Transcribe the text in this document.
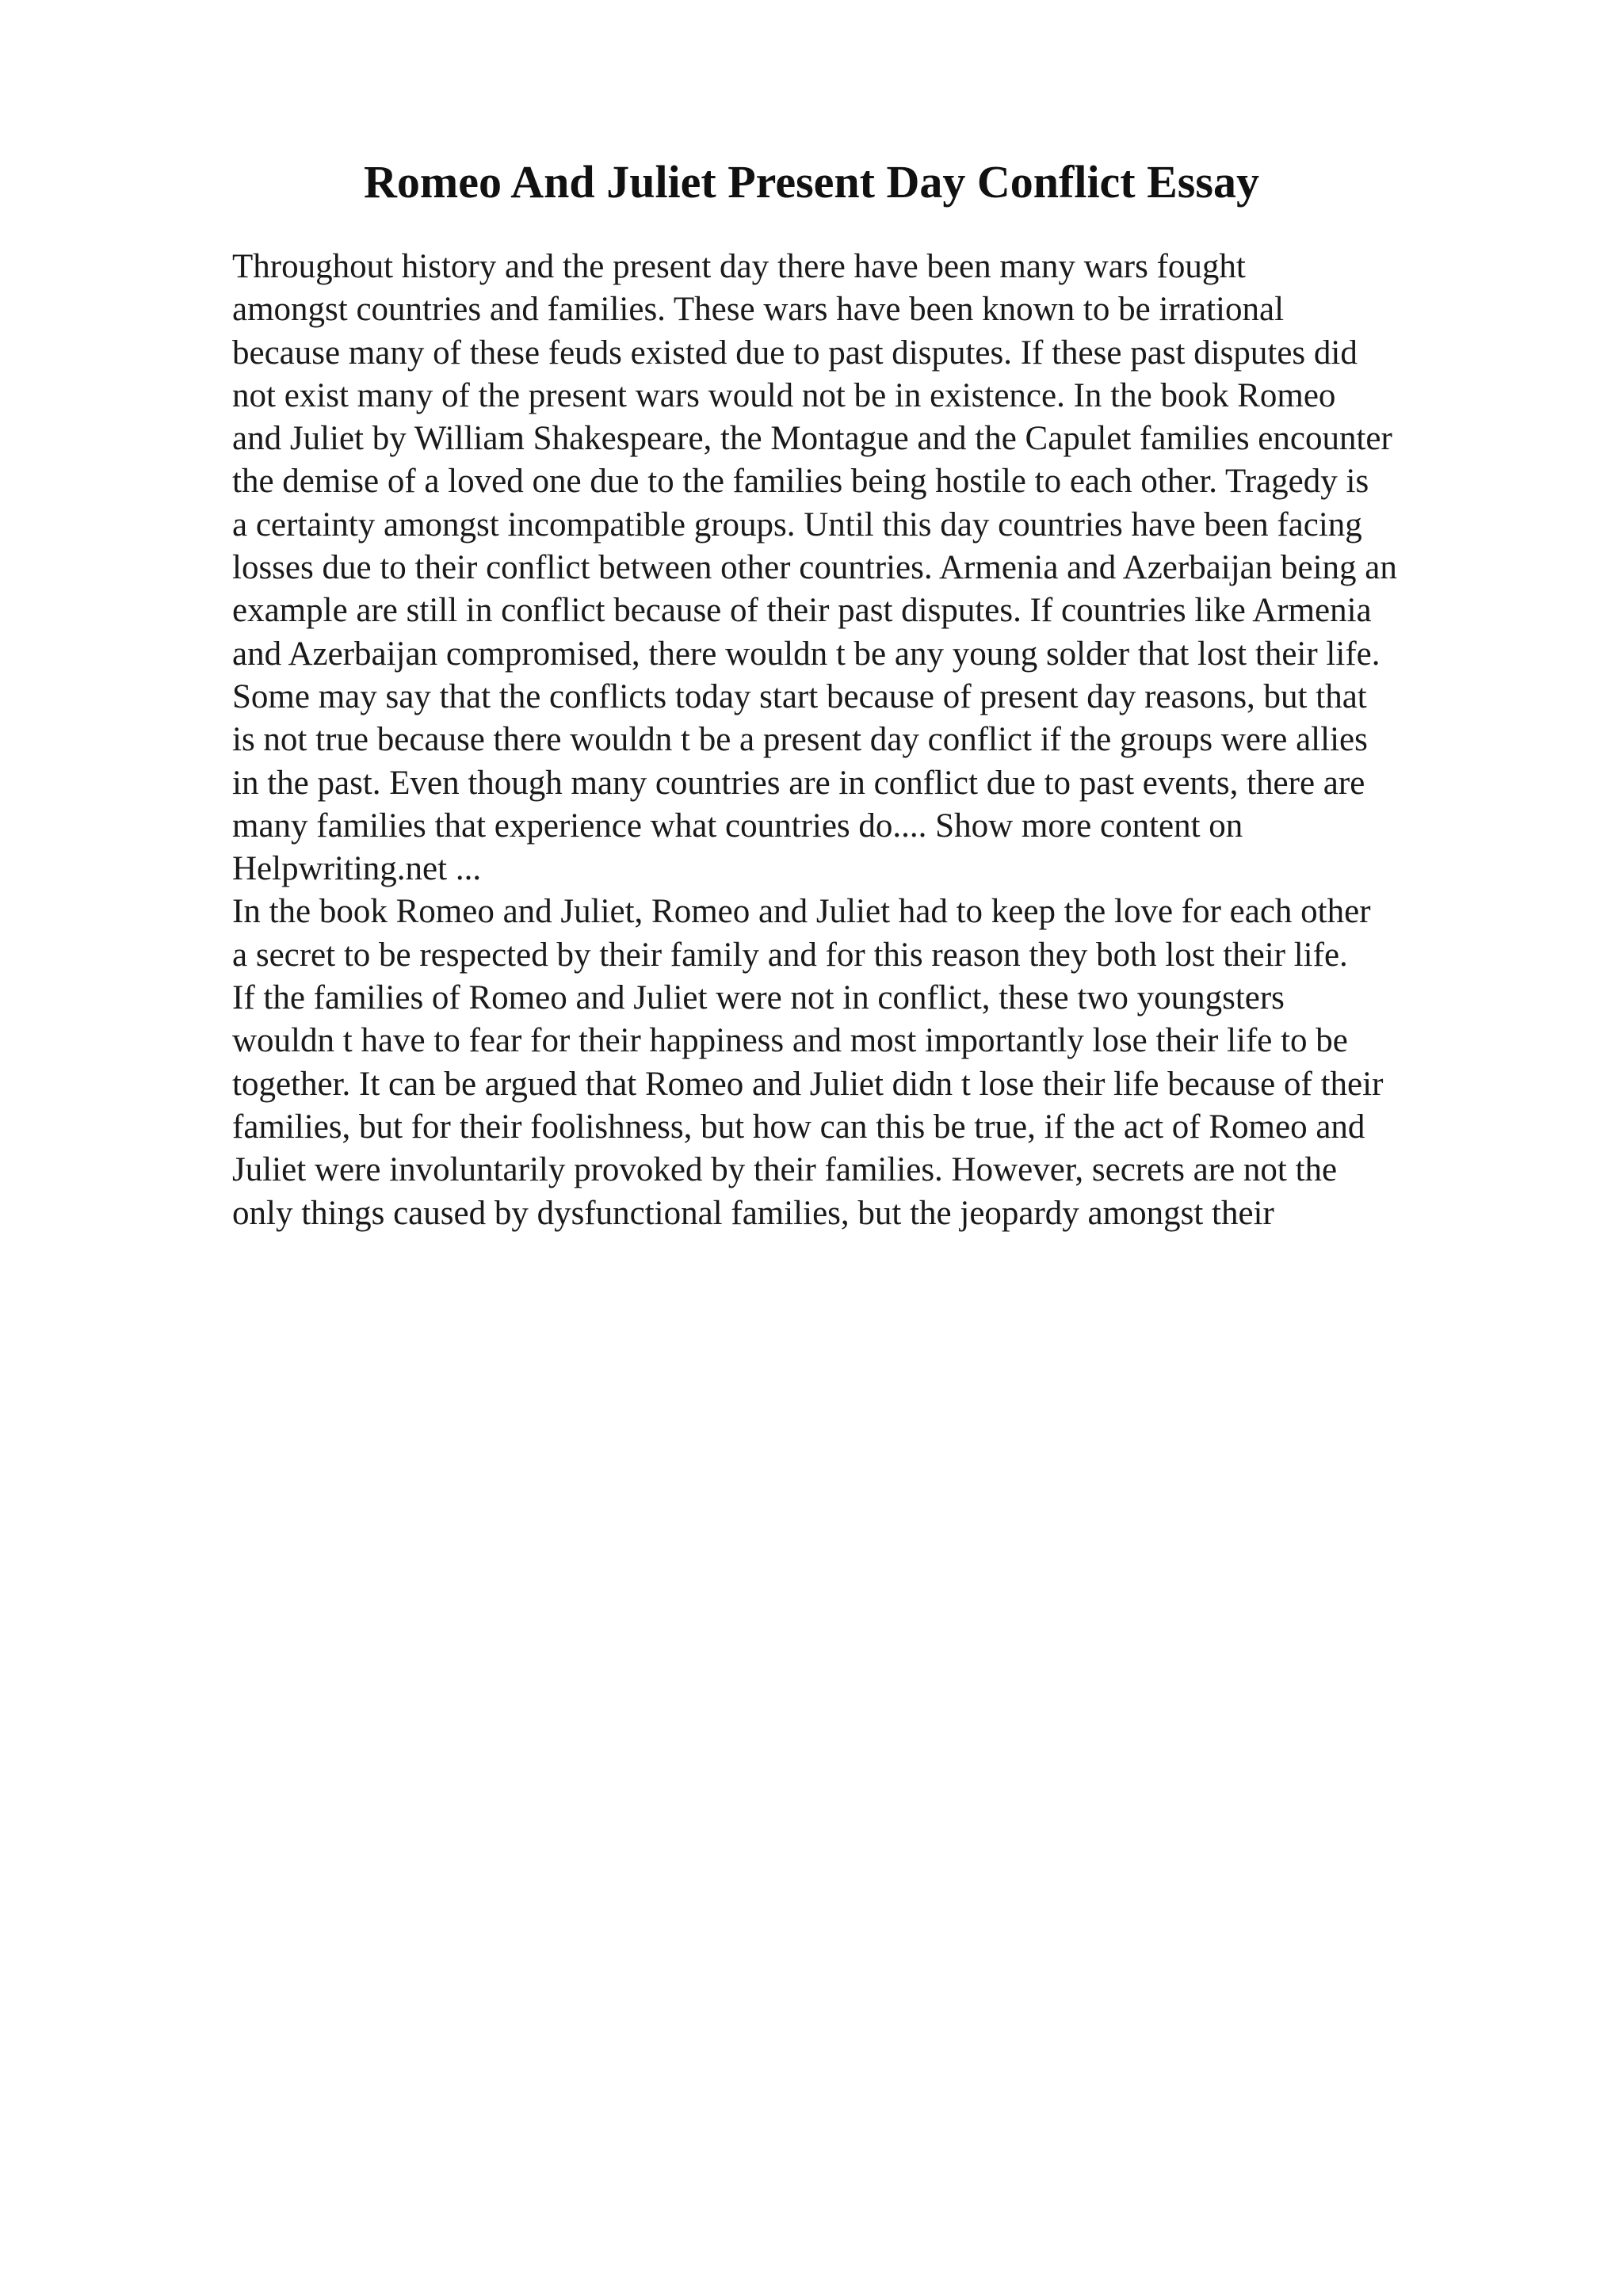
Romeo And Juliet Present Day Conflict Essay
Throughout history and the present day there have been many wars fought
amongst countries and families. These wars have been known to be irrational
because many of these feuds existed due to past disputes. If these past disputes did
not exist many of the present wars would not be in existence. In the book Romeo
and Juliet by William Shakespeare, the Montague and the Capulet families encounter
the demise of a loved one due to the families being hostile to each other. Tragedy is
a certainty amongst incompatible groups. Until this day countries have been facing
losses due to their conflict between other countries. Armenia and Azerbaijan being an
example are still in conflict because of their past disputes. If countries like Armenia
and Azerbaijan compromised, there wouldn t be any young solder that lost their life.
Some may say that the conflicts today start because of present day reasons, but that
is not true because there wouldn t be a present day conflict if the groups were allies
in the past. Even though many countries are in conflict due to past events, there are
many families that experience what countries do.... Show more content on
Helpwriting.net ...
In the book Romeo and Juliet, Romeo and Juliet had to keep the love for each other
a secret to be respected by their family and for this reason they both lost their life.
If the families of Romeo and Juliet were not in conflict, these two youngsters
wouldn t have to fear for their happiness and most importantly lose their life to be
together. It can be argued that Romeo and Juliet didn t lose their life because of their
families, but for their foolishness, but how can this be true, if the act of Romeo and
Juliet were involuntarily provoked by their families. However, secrets are not the
only things caused by dysfunctional families, but the jeopardy amongst their
